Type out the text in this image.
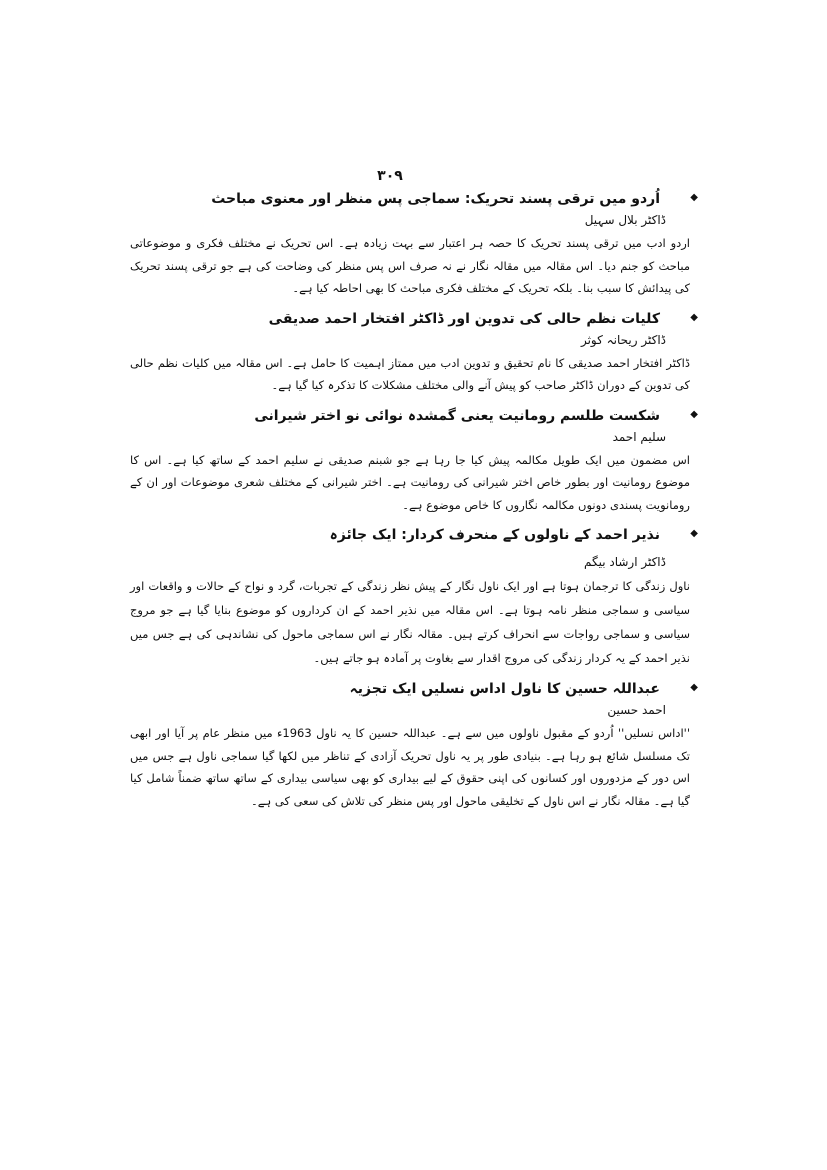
۳۰۹
◆
اُردو میں ترقی پسند تحریک: سماجی پس منظر اور معنوی مباحث
ڈاکٹر بلال سہیل

اردو ادب میں ترقی پسند تحریک کا حصہ ہر اعتبار سے بہت زیادہ ہے۔ اس تحریک نے مختلف فکری و موضوعاتی مباحث کو جنم دیا۔ اس مقالہ میں مقالہ نگار نے نہ صرف اس پس منظر کی وضاحت کی ہے جو ترقی پسند تحریک کی پیدائش کا سبب بنا۔ بلکہ تحریک کے مختلف فکری مباحث کا بھی احاطہ کیا ہے۔

◆
کلیات نظم حالی کی تدوین اور ڈاکٹر افتخار احمد صدیقی
ڈاکٹر ریحانہ کوثر

ڈاکٹر افتخار احمد صدیقی کا نام تحقیق و تدوین ادب میں ممتاز اہمیت کا حامل ہے۔ اس مقالہ میں کلیات نظم حالی کی تدوین کے دوران ڈاکٹر صاحب کو پیش آنے والی مختلف مشکلات کا تذکرہ کیا گیا ہے۔

◆
شکست طلسم رومانیت یعنی گمشدہ نوائی نو اختر شیرانی
سلیم احمد

اس مضمون میں ایک طویل مکالمہ پیش کیا جا رہا ہے جو شبنم صدیقی نے سلیم احمد کے ساتھ کیا ہے۔ اس کا موضوع رومانیت اور بطور خاص اختر شیرانی کی رومانیت ہے۔ اختر شیرانی کے مختلف شعری موضوعات اور ان کے رومانویت پسندی دونوں مکالمہ نگاروں کا خاص موضوع ہے۔

◆
نذیر احمد کے ناولوں کے منحرف کردار: ایک جائزہ
ڈاکٹر ارشاد بیگم

ناول زندگی کا ترجمان ہوتا ہے اور ایک ناول نگار کے پیش نظر زندگی کے تجربات، گرد و نواح کے حالات و واقعات اور سیاسی و سماجی منظر نامہ ہوتا ہے۔ اس مقالہ میں نذیر احمد کے ان کرداروں کو موضوع بنایا گیا ہے جو مروج سیاسی و سماجی رواجات سے انحراف کرتے ہیں۔ مقالہ نگار نے اس سماجی ماحول کی نشاندہی کی ہے جس میں نذیر احمد کے یہ کردار زندگی کی مروج اقدار سے بغاوت پر آمادہ ہو جاتے ہیں۔

◆
عبداللہ حسین کا ناول اداس نسلیں ایک تجزیہ
احمد حسین

''اداس نسلیں'' اُردو کے مقبول ناولوں میں سے ہے۔ عبداللہ حسین کا یہ ناول 1963ء میں منظر عام پر آیا اور ابھی تک مسلسل شائع ہو رہا ہے۔ بنیادی طور پر یہ ناول تحریک آزادی کے تناظر میں لکھا گیا سماجی ناول ہے جس میں اس دور کے مزدوروں اور کسانوں کی اپنی حقوق کے لیے بیداری کو بھی سیاسی بیداری کے ساتھ ساتھ ضمناً شامل کیا گیا ہے۔ مقالہ نگار نے اس ناول کے تخلیقی ماحول اور پس منظر کی تلاش کی سعی کی ہے۔
